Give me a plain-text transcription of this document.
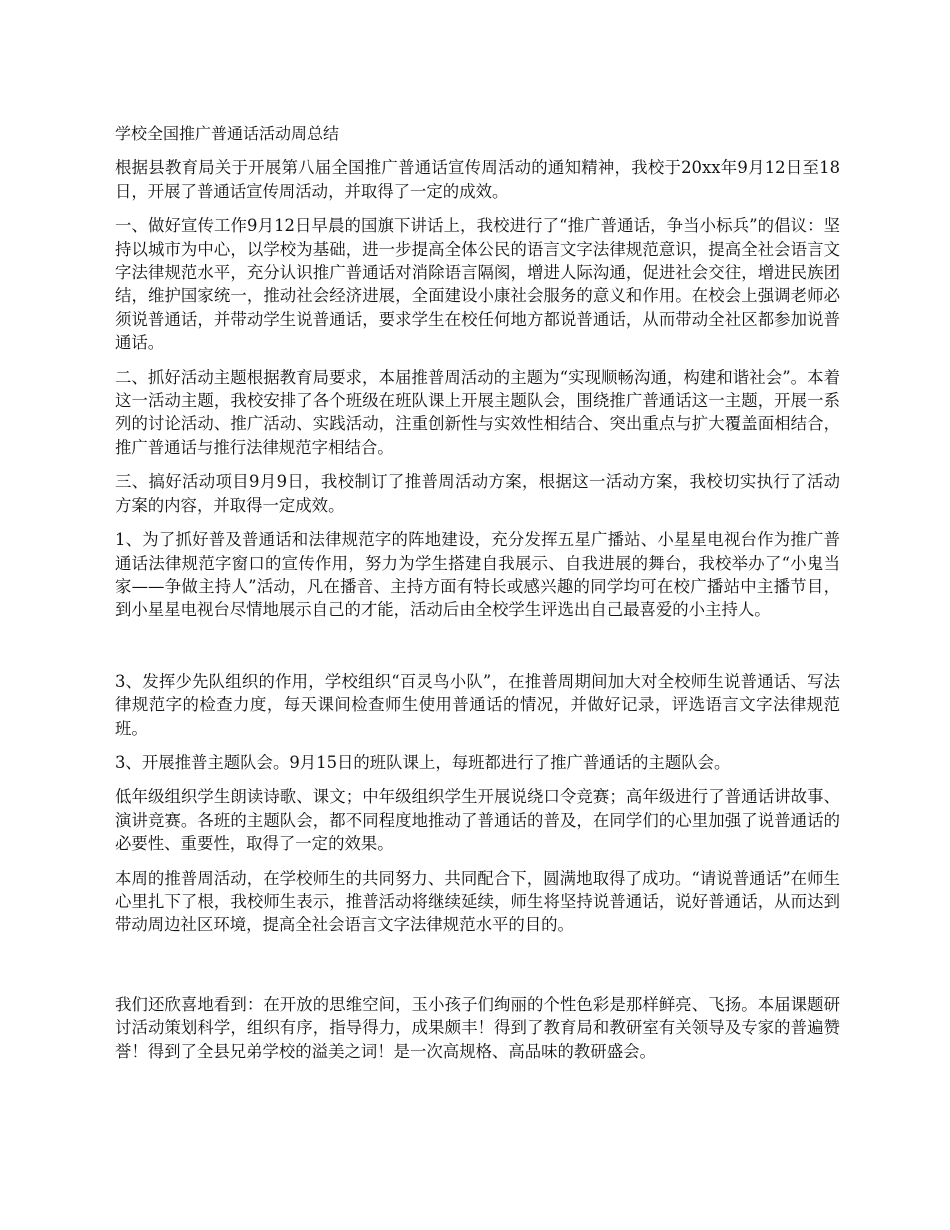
学校全国推广普通话活动周总结

根据县教育局关于开展第八届全国推广普通话宣传周活动的通知精神，我校于20xx年9月12日至18日，开展了普通话宣传周活动，并取得了一定的成效。

一、做好宣传工作9月12日早晨的国旗下讲话上，我校进行了“推广普通话，争当小标兵”的倡议：坚持以城市为中心，以学校为基础，进一步提高全体公民的语言文字法律规范意识，提高全社会语言文字法律规范水平，充分认识推广普通话对消除语言隔阂，增进人际沟通，促进社会交往，增进民族团结，维护国家统一，推动社会经济进展，全面建设小康社会服务的意义和作用。在校会上强调老师必须说普通话，并带动学生说普通话，要求学生在校任何地方都说普通话，从而带动全社区都参加说普通话。

二、抓好活动主题根据教育局要求，本届推普周活动的主题为“实现顺畅沟通，构建和谐社会”。本着这一活动主题，我校安排了各个班级在班队课上开展主题队会，围绕推广普通话这一主题，开展一系列的讨论活动、推广活动、实践活动，注重创新性与实效性相结合、突出重点与扩大覆盖面相结合，推广普通话与推行法律规范字相结合。

三、搞好活动项目9月9日，我校制订了推普周活动方案，根据这一活动方案，我校切实执行了活动方案的内容，并取得一定成效。

1、为了抓好普及普通话和法律规范字的阵地建设，充分发挥五星广播站、小星星电视台作为推广普通话法律规范字窗口的宣传作用，努力为学生搭建自我展示、自我进展的舞台，我校举办了“小鬼当家——争做主持人”活动，凡在播音、主持方面有特长或感兴趣的同学均可在校广播站中主播节目，到小星星电视台尽情地展示自己的才能，活动后由全校学生评选出自己最喜爱的小主持人。

3、发挥少先队组织的作用，学校组织“百灵鸟小队”，在推普周期间加大对全校师生说普通话、写法律规范字的检查力度，每天课间检查师生使用普通话的情况，并做好记录，评选语言文字法律规范班。

3、开展推普主题队会。9月15日的班队课上，每班都进行了推广普通话的主题队会。

低年级组织学生朗读诗歌、课文；中年级组织学生开展说绕口令竞赛；高年级进行了普通话讲故事、演讲竞赛。各班的主题队会，都不同程度地推动了普通话的普及，在同学们的心里加强了说普通话的必要性、重要性，取得了一定的效果。

本周的推普周活动，在学校师生的共同努力、共同配合下，圆满地取得了成功。“请说普通话”在师生心里扎下了根，我校师生表示，推普活动将继续延续，师生将坚持说普通话，说好普通话，从而达到带动周边社区环境，提高全社会语言文字法律规范水平的目的。

我们还欣喜地看到：在开放的思维空间，玉小孩子们绚丽的个性色彩是那样鲜亮、飞扬。本届课题研讨活动策划科学，组织有序，指导得力，成果颇丰！得到了教育局和教研室有关领导及专家的普遍赞誉！得到了全县兄弟学校的溢美之词！是一次高规格、高品味的教研盛会。
